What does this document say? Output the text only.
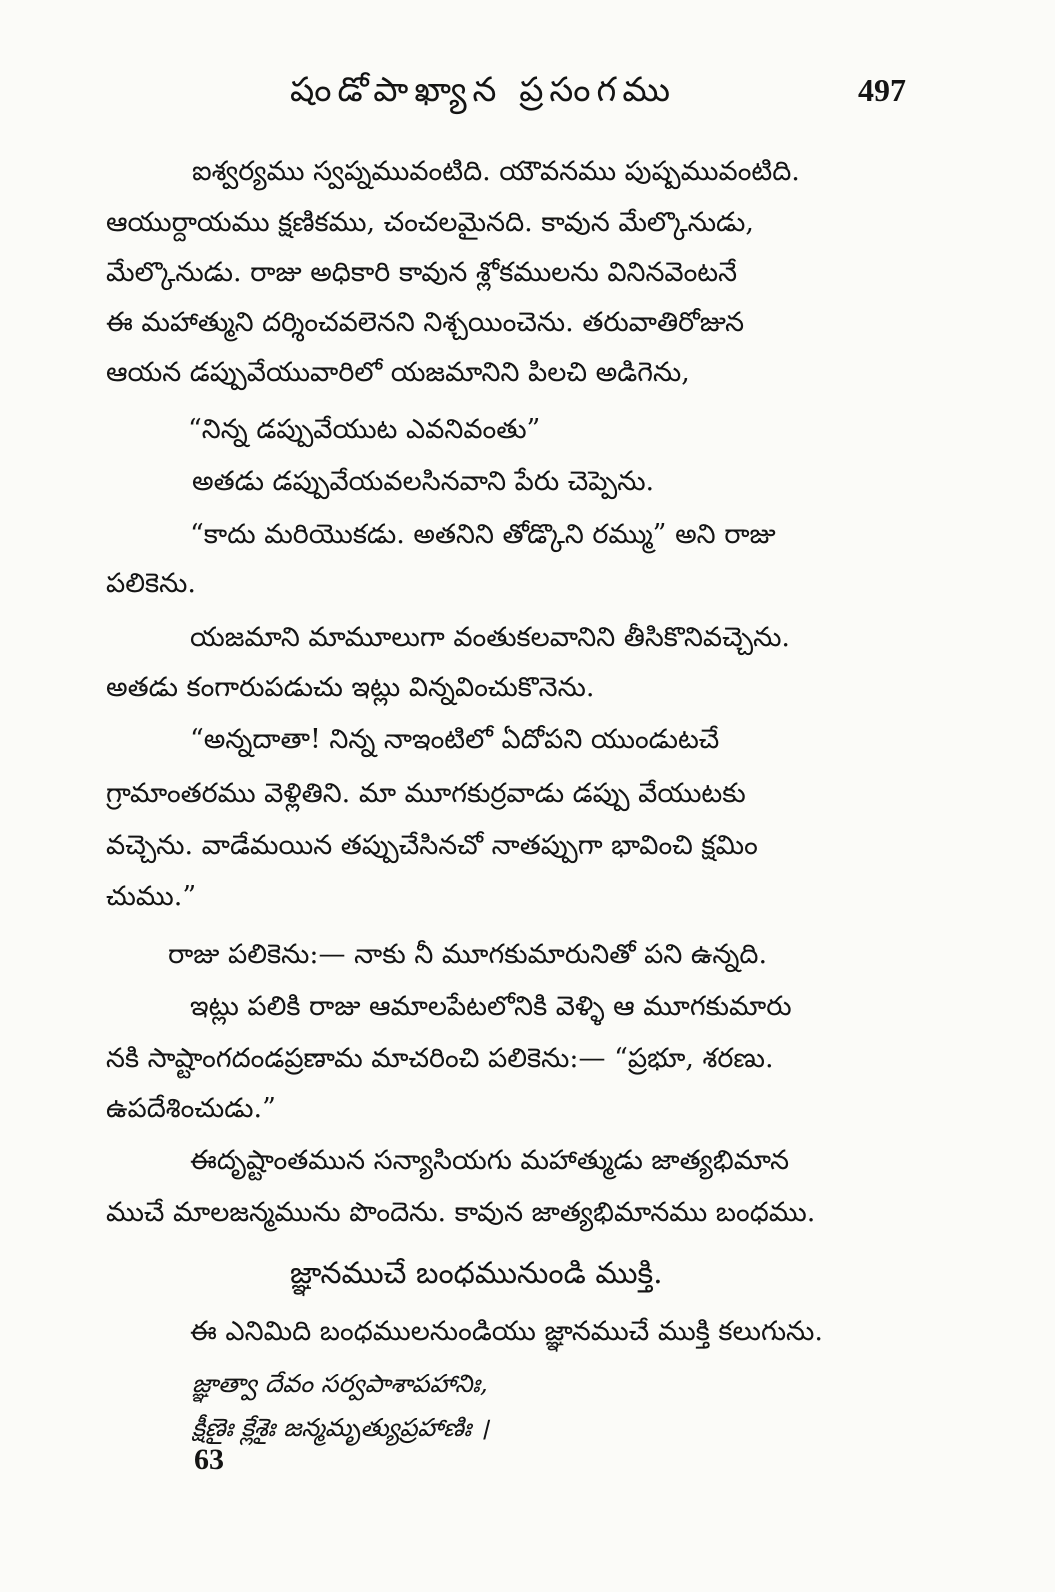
షండోపాఖ్యాన ప్రసంగము	497
ఐశ్వర్యము స్వప్నమువంటిది. యౌవనము పుష్పమువంటిది.
ఆయుర్దాయము క్షణికము, చంచలమైనది. కావున మేల్కొనుడు,
మేల్కొనుడు. రాజు అధికారి కావున శ్లోకములను వినినవెంటనే
ఈ మహాత్ముని దర్శించవలెనని నిశ్చయించెను. తరువాతిరోజున
ఆయన డప్పువేయువారిలో యజమానిని పిలచి అడిగెను,
“నిన్న డప్పువేయుట ఎవనివంతు”
అతడు డప్పువేయవలసినవాని పేరు చెప్పెను.
“కాదు మరియొకడు. అతనిని తోడ్కొని రమ్ము” అని రాజు
పలికెను.
యజమాని మామూలుగా వంతుకలవానిని తీసికొనివచ్చెను.
అతడు కంగారుపడుచు ఇట్లు విన్నవించుకొనెను.
“అన్నదాతా! నిన్న నాఇంటిలో ఏదోపని యుండుటచే
గ్రామాంతరము వెళ్లితిని. మా మూగకుర్రవాడు డప్పు వేయుటకు
వచ్చెను. వాడేమయిన తప్పుచేసినచో నాతప్పుగా భావించి క్షమిం
చుము.”
రాజు పలికెను:— నాకు నీ మూగకుమారునితో పని ఉన్నది.
ఇట్లు పలికి రాజు ఆమాలపేటలోనికి వెళ్ళి ఆ మూగకుమారు
నకి సాష్టాంగదండప్రణామ మాచరించి పలికెను:— “ప్రభూ, శరణు.
ఉపదేశించుడు.”
ఈదృష్టాంతమున సన్యాసియగు మహాత్ముడు జాత్యభిమాన
ముచే మాలజన్మమును పొందెను. కావున జాత్యభిమానము బంధము.
జ్ఞానముచే బంధమునుండి ముక్తి.
ఈ ఎనిమిది బంధములనుండియు జ్ఞానముచే ముక్తి కలుగును.
జ్ఞాత్వా దేవం సర్వపాశాపహానిః,
క్షీణైః క్లేశైః జన్మమృత్యుప్రహాణిః ।
63
